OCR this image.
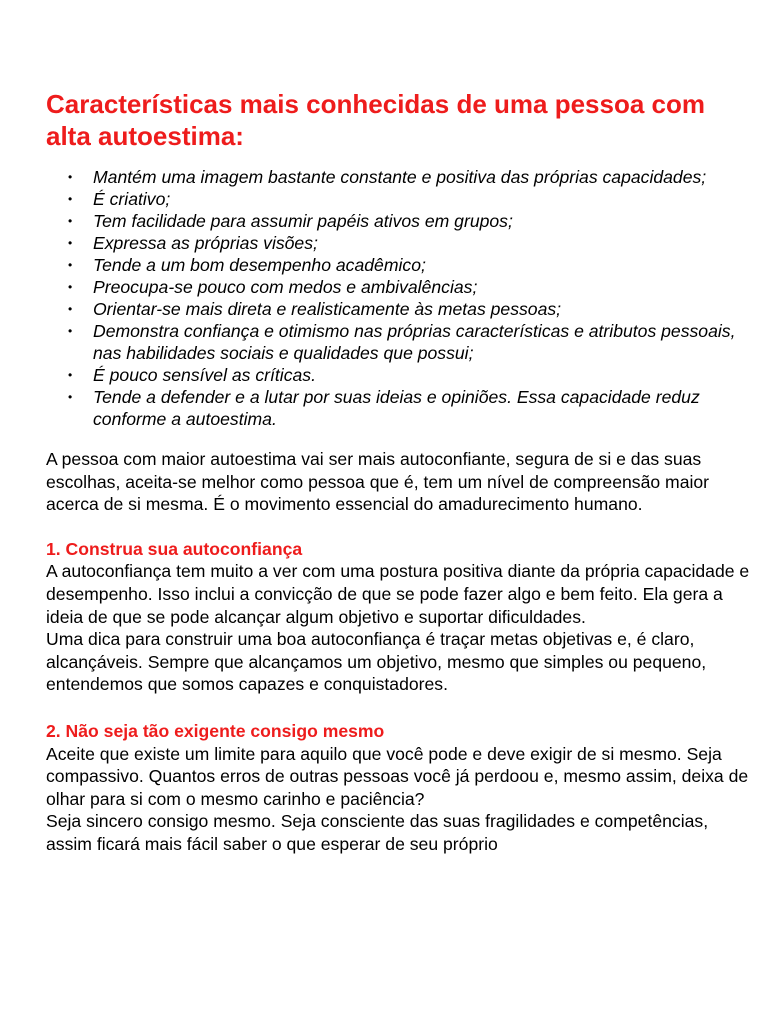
Características mais conhecidas de uma pessoa com alta autoestima:
• Mantém uma imagem bastante constante e positiva das próprias capacidades;
• É criativo;
• Tem facilidade para assumir papéis ativos em grupos;
• Expressa as próprias visões;
• Tende a um bom desempenho acadêmico;
• Preocupa-se pouco com medos e ambivalências;
• Orientar-se mais direta e realisticamente às metas pessoas;
• Demonstra confiança e otimismo nas próprias características e atributos pessoais, nas habilidades sociais e qualidades que possui;
• É pouco sensível as críticas.
• Tende a defender e a lutar por suas ideias e opiniões. Essa capacidade reduz conforme a autoestima.

A pessoa com maior autoestima vai ser mais autoconfiante, segura de si e das suas escolhas, aceita-se melhor como pessoa que é, tem um nível de compreensão maior acerca de si mesma. É o movimento essencial do amadurecimento humano.

1. Construa sua autoconfiança

A autoconfiança tem muito a ver com uma postura positiva diante da própria capacidade e desempenho. Isso inclui a convicção de que se pode fazer algo e bem feito. Ela gera a ideia de que se pode alcançar algum objetivo e suportar dificuldades.

Uma dica para construir uma boa autoconfiança é traçar metas objetivas e, é claro, alcançáveis. Sempre que alcançamos um objetivo, mesmo que simples ou pequeno, entendemos que somos capazes e conquistadores.

2. Não seja tão exigente consigo mesmo

Aceite que existe um limite para aquilo que você pode e deve exigir de si mesmo. Seja compassivo. Quantos erros de outras pessoas você já perdoou e, mesmo assim, deixa de olhar para si com o mesmo carinho e paciência?

Seja sincero consigo mesmo. Seja consciente das suas fragilidades e competências, assim ficará mais fácil saber o que esperar de seu próprio
